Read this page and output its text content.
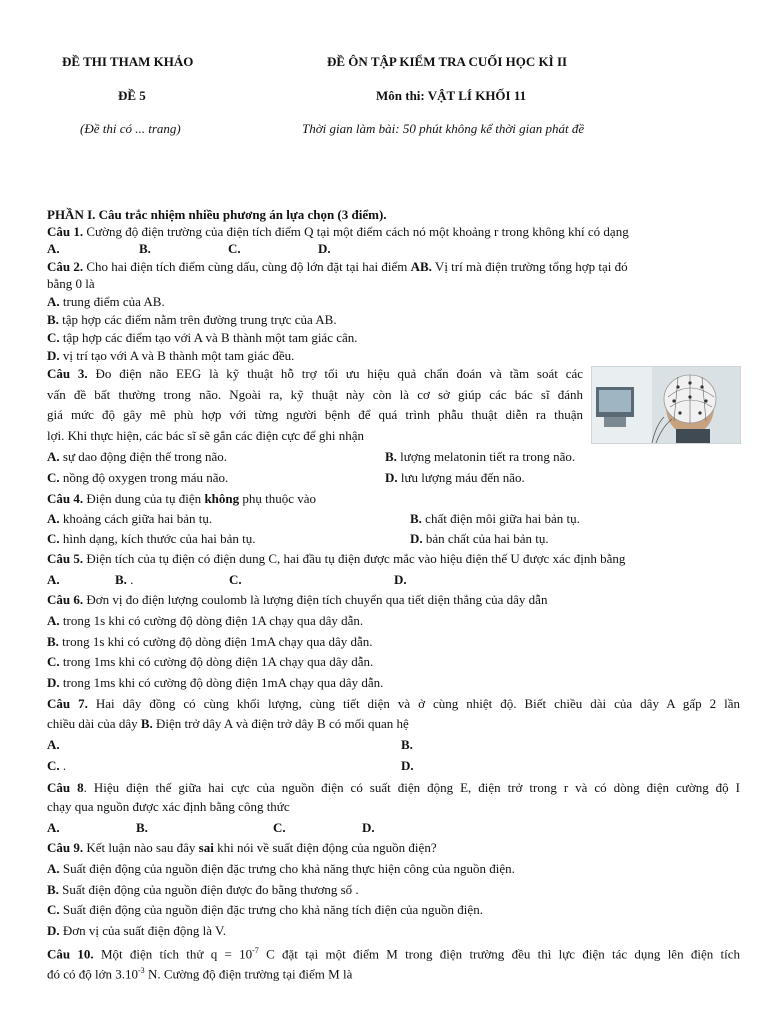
ĐỀ THI THAM KHẢO
ĐỀ 5
(Đề thi có ... trang)
ĐỀ ÔN TẬP KIỂM TRA CUỐI HỌC KÌ II
Môn thi: VẬT LÍ KHỐI 11
Thời gian làm bài: 50 phút không kể thời gian phát đề
PHẦN I. Câu trắc nhiệm nhiều phương án lựa chọn (3 điểm).
Câu 1. Cường độ điện trường của điện tích điểm Q tại một điểm cách nó một khoảng r trong không khí có dạng
A.	B.	C.	D.
Câu 2. Cho hai điện tích điểm cùng dấu, cùng độ lớn đặt tại hai điểm AB. Vị trí mà điện trường tổng hợp tại đó
bằng 0 là
A. trung điểm của AB.
B. tập hợp các điểm nằm trên đường trung trực của AB.
C. tập hợp các điểm tạo với A và B thành một tam giác cân.
D. vị trí tạo với A và B thành một tam giác đều.
Câu 3. Đo điện não EEG là kỹ thuật hỗ trợ tối ưu hiệu quả chẩn đoán và tầm soát các
vấn đề bất thường trong não. Ngoài ra, kỹ thuật này còn là cơ sở giúp các bác sĩ đánh
giá mức độ gây mê phù hợp với từng người bệnh để quá trình phẫu thuật diễn ra thuận
lợi. Khi thực hiện, các bác sĩ sẽ gắn các điện cực để ghi nhận
A. sự dao động điện thế trong não.	B. lượng melatonin tiết ra trong não.
C. nồng độ oxygen trong máu não.	D. lưu lượng máu đến não.
Câu 4. Điện dung của tụ điện không phụ thuộc vào
A. khoảng cách giữa hai bản tụ.	B. chất điện môi giữa hai bản tụ.
C. hình dạng, kích thước của hai bản tụ.	D. bản chất của hai bản tụ.
Câu 5. Điện tích của tụ điện có điện dung C, hai đầu tụ điện được mắc vào hiệu điện thế U được xác định bằng
A.	B. .	C.	D.
Câu 6. Đơn vị đo điện lượng coulomb là lượng điện tích chuyển qua tiết diện thẳng của dây dẫn
A. trong 1s khi có cường độ dòng điện 1A chạy qua dây dẫn.
B. trong 1s khi có cường độ dòng điện 1mA chạy qua dây dẫn.
C. trong 1ms khi có cường độ dòng điện 1A chạy qua dây dẫn.
D. trong 1ms khi có cường độ dòng điện 1mA chạy qua dây dẫn.
Câu 7. Hai dây đồng có cùng khối lượng, cùng tiết diện và ở cùng nhiệt độ. Biết chiều dài của dây A gấp 2 lần
chiều dài của dây B. Điện trở dây A và điện trở dây B có mối quan hệ
A.	B.
C. .	D.
Câu 8. Hiệu điện thế giữa hai cực của nguồn điện có suất điện động E, điện trở trong r và có dòng điện cường độ I
chạy qua nguồn được xác định bằng công thức
A.	B.	C.	D.
Câu 9. Kết luận nào sau đây sai khi nói về suất điện động của nguồn điện?
A. Suất điện động của nguồn điện đặc trưng cho khả năng thực hiện công của nguồn điện.
B. Suất điện động của nguồn điện được đo bằng thương số .
C. Suất điện động của nguồn điện đặc trưng cho khả năng tích điện của nguồn điện.
D. Đơn vị của suất điện động là V.
Câu 10. Một điện tích thử $q = 10^{-7}$ C đặt tại một điểm M trong điện trường đều thì lực điện tác dụng lên điện tích
đó có độ lớn $3.10^{-3}$ N. Cường độ điện trường tại điểm M là
